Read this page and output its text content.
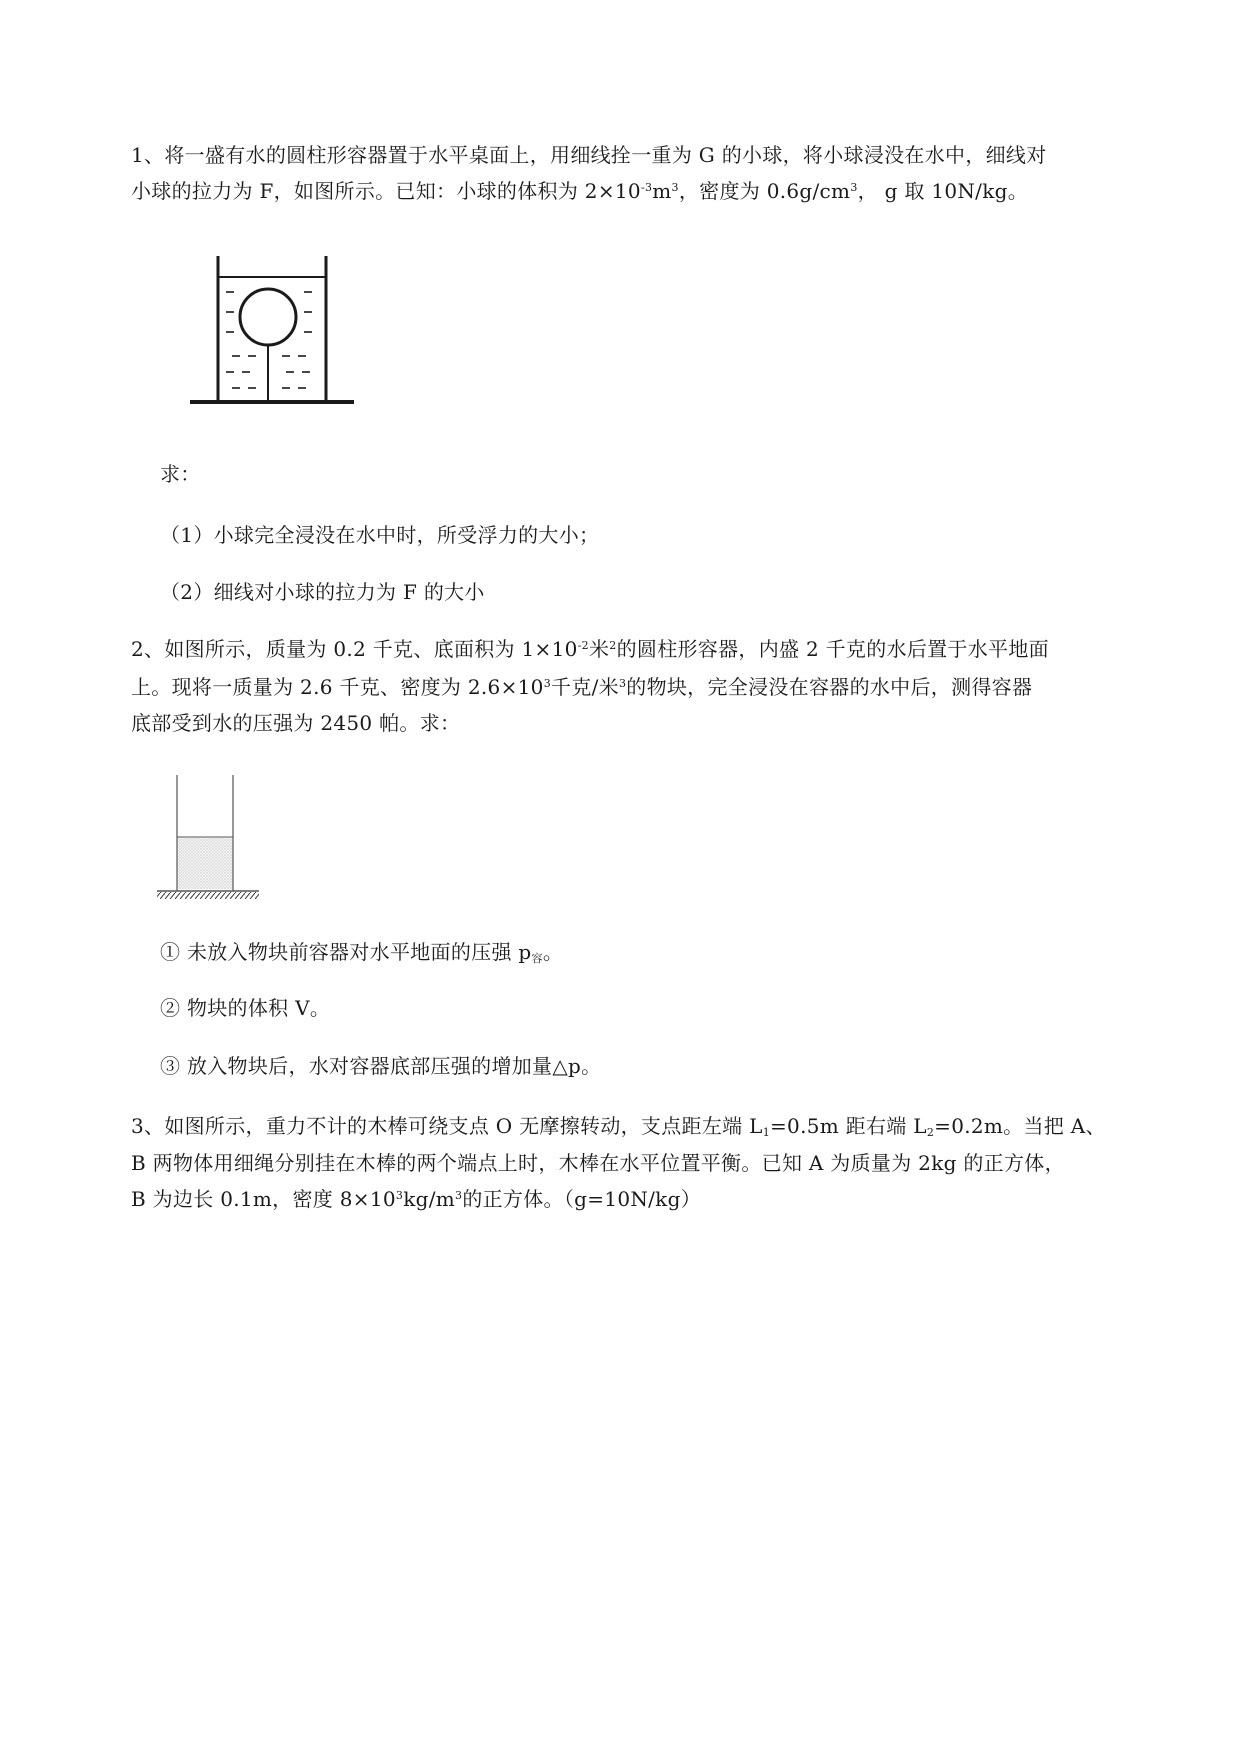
1、将一盛有水的圆柱形容器置于水平桌面上，用细线拴一重为 G 的小球，将小球浸没在水中，细线对
小球的拉力为 F，如图所示。已知：小球的体积为 $2\times 10^{-3}m^3$，密度为 $0.6g/cm^3$， g 取 10N/kg。
求：
（1）小球完全浸没在水中时，所受浮力的大小；
（2）细线对小球的拉力为 F 的大小
2、如图所示，质量为 0.2 千克、底面积为 $1\times 10^{-2}$米$^2$的圆柱形容器，内盛 2 千克的水后置于水平地面
上。现将一质量为 2.6 千克、密度为 $2.6\times 10^3$千克/米$^3$的物块，完全浸没在容器的水中后，测得容器
底部受到水的压强为 2450 帕。求：
① 未放入物块前容器对水平地面的压强 $p_容$。
② 物块的体积 V。
③ 放入物块后，水对容器底部压强的增加量△p。
3、如图所示，重力不计的木棒可绕支点 O 无摩擦转动，支点距左端 $L_1=0.5m$ 距右端 $L_2=0.2m$。当把 A、
B 两物体用细绳分别挂在木棒的两个端点上时，木棒在水平位置平衡。已知 A 为质量为 2kg 的正方体，
B 为边长 0.1m，密度 $8\times 10^3kg/m^3$的正方体。（g=10N/kg）
